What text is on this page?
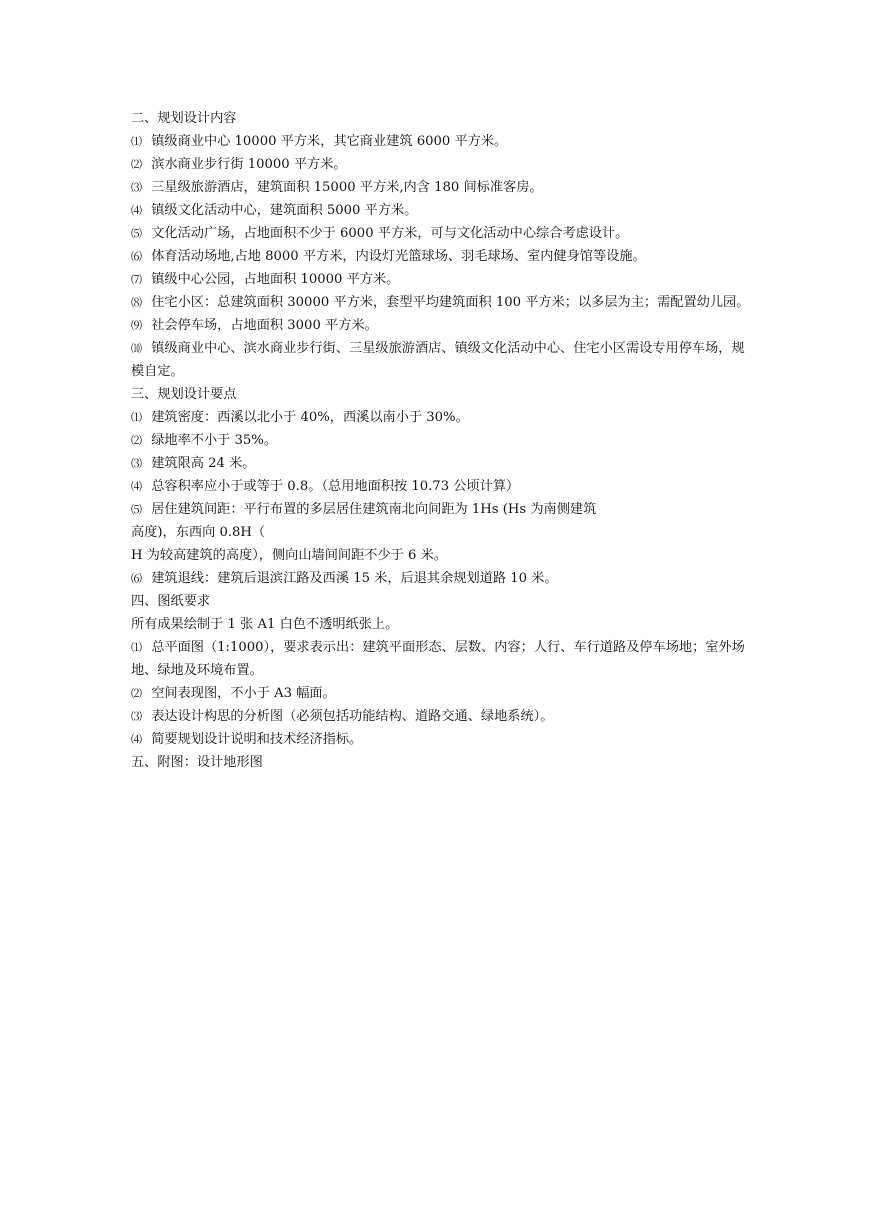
二、规划设计内容

⑴ 镇级商业中心 10000 平方米，其它商业建筑 6000 平方米。

⑵ 滨水商业步行街 10000 平方米。

⑶ 三星级旅游酒店，建筑面积 15000 平方米,内含 180 间标准客房。

⑷ 镇级文化活动中心，建筑面积 5000 平方米。

⑸ 文化活动广场，占地面积不少于 6000 平方米，可与文化活动中心综合考虑设计。

⑹ 体育活动场地,占地 8000 平方米，内设灯光篮球场、羽毛球场、室内健身馆等设施。

⑺ 镇级中心公园，占地面积 10000 平方米。

⑻ 住宅小区：总建筑面积 30000 平方米，套型平均建筑面积 100 平方米；以多层为主；需配置幼儿园。

⑼ 社会停车场，占地面积 3000 平方米。

⑽ 镇级商业中心、滨水商业步行街、三星级旅游酒店、镇级文化活动中心、住宅小区需设专用停车场，规模自定。

三、规划设计要点

⑴ 建筑密度：西溪以北小于 40%，西溪以南小于 30%。

⑵ 绿地率不小于 35%。

⑶ 建筑限高 24 米。

⑷ 总容积率应小于或等于 0.8。（总用地面积按 10.73 公顷计算）

⑸ 居住建筑间距：平行布置的多层居住建筑南北向间距为 1Hs (Hs 为南侧建筑

高度)，东西向 0.8H（

H 为较高建筑的高度），侧向山墙间间距不少于 6 米。

⑹ 建筑退线：建筑后退滨江路及西溪 15 米，后退其余规划道路 10 米。

四、图纸要求

所有成果绘制于 1 张 A1 白色不透明纸张上。

⑴ 总平面图（1:1000），要求表示出：建筑平面形态、层数、内容；人行、车行道路及停车场地；室外场地、绿地及环境布置。

⑵ 空间表现图，不小于 A3 幅面。

⑶ 表达设计构思的分析图（必须包括功能结构、道路交通、绿地系统）。

⑷ 简要规划设计说明和技术经济指标。

五、附图：设计地形图
